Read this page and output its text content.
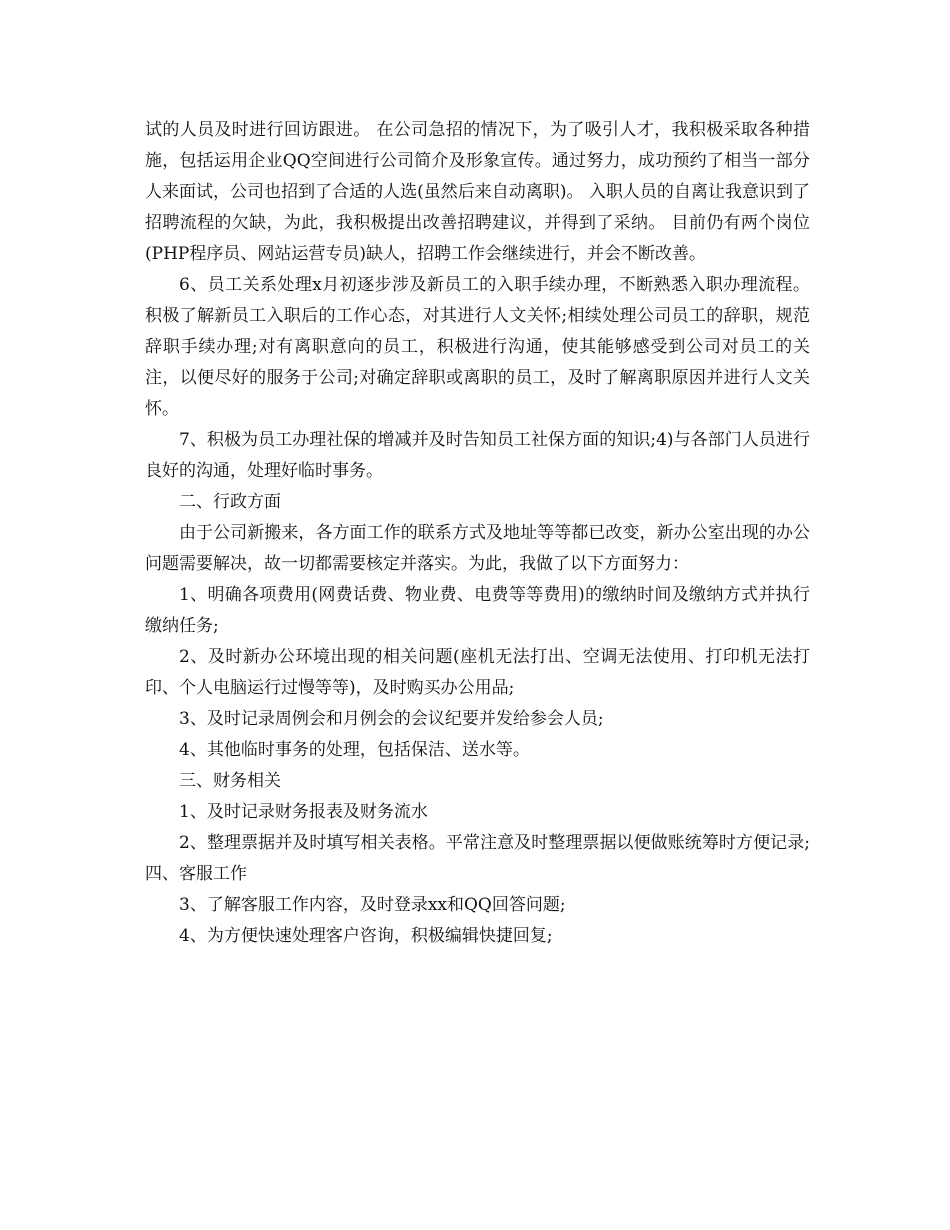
试的人员及时进行回访跟进。 在公司急招的情况下，为了吸引人才，我积极采取各种措施，包括运用企业QQ空间进行公司简介及形象宣传。通过努力，成功预约了相当一部分人来面试，公司也招到了合适的人选(虽然后来自动离职)。 入职人员的自离让我意识到了招聘流程的欠缺，为此，我积极提出改善招聘建议，并得到了采纳。 目前仍有两个岗位(PHP程序员、网站运营专员)缺人，招聘工作会继续进行，并会不断改善。

6、员工关系处理x月初逐步涉及新员工的入职手续办理，不断熟悉入职办理流程。积极了解新员工入职后的工作心态，对其进行人文关怀;相续处理公司员工的辞职，规范辞职手续办理;对有离职意向的员工，积极进行沟通，使其能够感受到公司对员工的关注，以便尽好的服务于公司;对确定辞职或离职的员工，及时了解离职原因并进行人文关怀。

7、积极为员工办理社保的增减并及时告知员工社保方面的知识;4)与各部门人员进行良好的沟通，处理好临时事务。

二、行政方面

由于公司新搬来，各方面工作的联系方式及地址等等都已改变，新办公室出现的办公问题需要解决，故一切都需要核定并落实。为此，我做了以下方面努力：

1、明确各项费用(网费话费、物业费、电费等等费用)的缴纳时间及缴纳方式并执行缴纳任务;

2、及时新办公环境出现的相关问题(座机无法打出、空调无法使用、打印机无法打印、个人电脑运行过慢等等)，及时购买办公用品;

3、及时记录周例会和月例会的会议纪要并发给参会人员;

4、其他临时事务的处理，包括保洁、送水等。

三、财务相关

1、及时记录财务报表及财务流水

2、整理票据并及时填写相关表格。平常注意及时整理票据以便做账统筹时方便记录;四、客服工作

3、了解客服工作内容，及时登录xx和QQ回答问题;

4、为方便快速处理客户咨询，积极编辑快捷回复;
